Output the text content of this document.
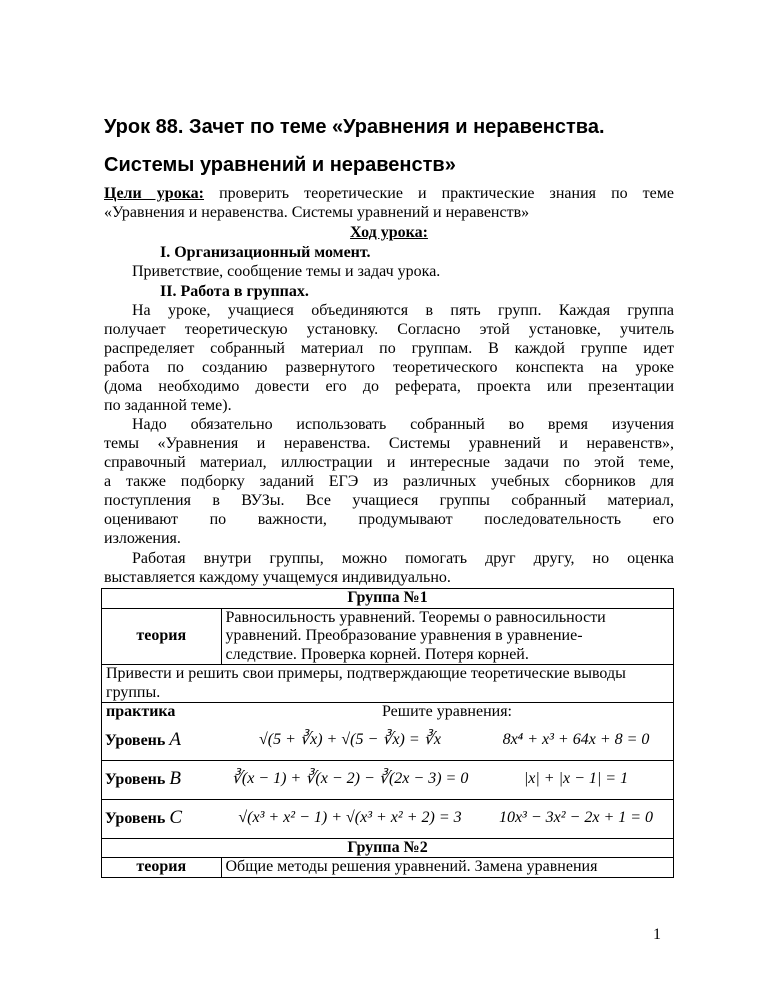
Урок 88. Зачет по теме «Уравнения и неравенства.
Системы уравнений и неравенств»
Цели урока: проверить теоретические и практические знания по теме
«Уравнения и неравенства. Системы уравнений и неравенств»
Ход урока:
I. Организационный момент.
Приветствие, сообщение темы и задач урока.
II. Работа в группах.
На уроке, учащиеся объединяются в пять групп. Каждая группа
получает теоретическую установку. Согласно этой установке, учитель
распределяет собранный материал по группам. В каждой группе идет
работа по созданию развернутого теоретического конспекта на уроке
(дома необходимо довести его до реферата, проекта или презентации
по заданной теме).
Надо обязательно использовать собранный во время изучения
темы «Уравнения и неравенства. Системы уравнений и неравенств»,
справочный материал, иллюстрации и интересные задачи по этой теме,
а также подборку заданий ЕГЭ из различных учебных сборников для
поступления в ВУЗы. Все учащиеся группы собранный материал,
оценивают по важности, продумывают последовательность его
изложения.
Работая внутри группы, можно помогать друг другу, но оценка
выставляется каждому учащемуся индивидуально.
Группа №1		
теория	Равносильность уравнений. Теоремы о равносильности
уравнений. Преобразование уравнения в уравнение-
следствие. Проверка корней. Потеря корней.	

Привести и решить свои примеры, подтверждающие теоретические выводы группы.		
практика	Решите уравнения:	
Уровень A	√(5 + ∛x) + √(5 − ∛x) = ∛x	8x⁴ + x³ + 64x + 8 = 0
Уровень B	∛(x − 1) + ∛(x − 2) − ∛(2x − 3) = 0	|x| + |x − 1| = 1
Уровень C	√(x³ + x² − 1) + √(x³ + x² + 2) = 3	10x³ − 3x² − 2x + 1 = 0
Группа №2		
теория	Общие методы решения уравнений. Замена уравнения	
1
